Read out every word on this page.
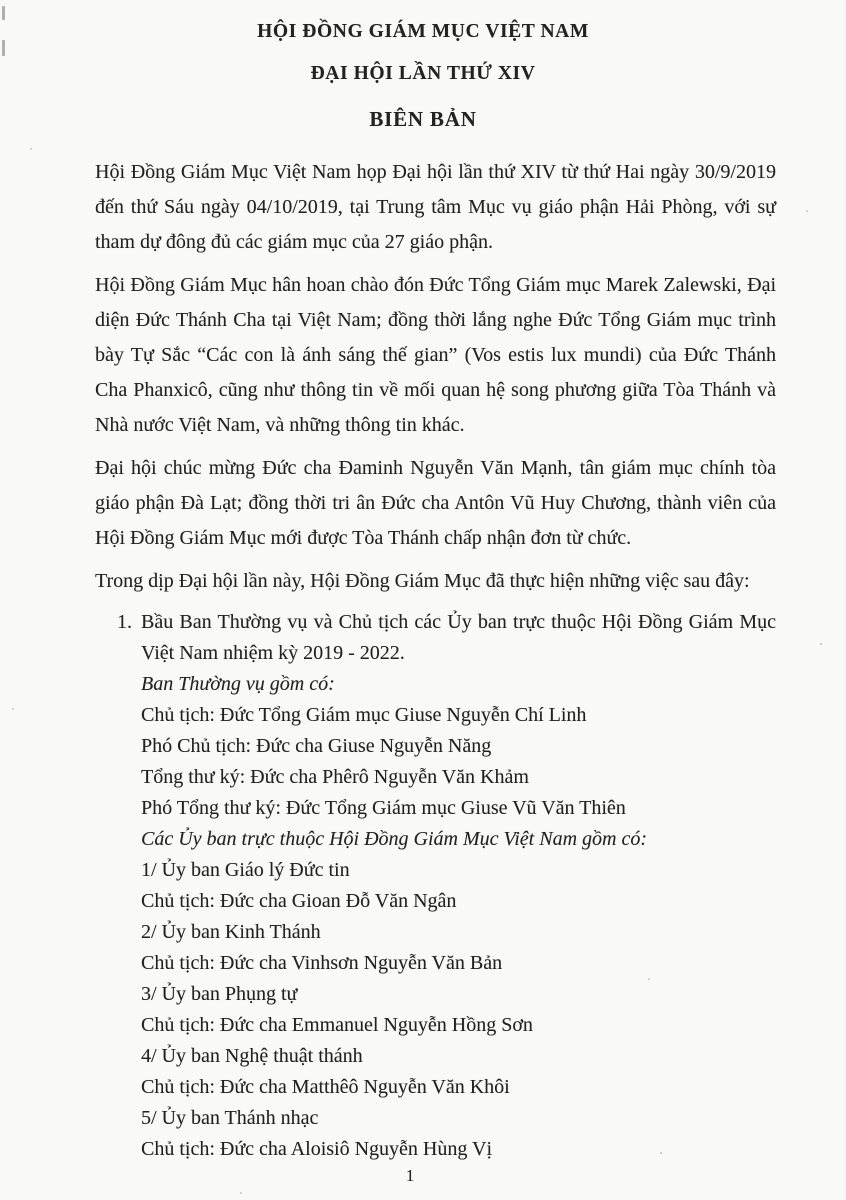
HỘI ĐỒNG GIÁM MỤC VIỆT NAM
ĐẠI HỘI LẦN THỨ XIV
BIÊN BẢN

Hội Đồng Giám Mục Việt Nam họp Đại hội lần thứ XIV từ thứ Hai ngày 30/9/2019 đến thứ Sáu ngày 04/10/2019, tại Trung tâm Mục vụ giáo phận Hải Phòng, với sự tham dự đông đủ các giám mục của 27 giáo phận.

Hội Đồng Giám Mục hân hoan chào đón Đức Tổng Giám mục Marek Zalewski, Đại diện Đức Thánh Cha tại Việt Nam; đồng thời lắng nghe Đức Tổng Giám mục trình bày Tự Sắc “Các con là ánh sáng thế gian” (Vos estis lux mundi) của Đức Thánh Cha Phanxicô, cũng như thông tin về mối quan hệ song phương giữa Tòa Thánh và Nhà nước Việt Nam, và những thông tin khác.

Đại hội chúc mừng Đức cha Đaminh Nguyễn Văn Mạnh, tân giám mục chính tòa giáo phận Đà Lạt; đồng thời tri ân Đức cha Antôn Vũ Huy Chương, thành viên của Hội Đồng Giám Mục mới được Tòa Thánh chấp nhận đơn từ chức.

Trong dịp Đại hội lần này, Hội Đồng Giám Mục đã thực hiện những việc sau đây:

1. Bầu Ban Thường vụ và Chủ tịch các Ủy ban trực thuộc Hội Đồng Giám Mục Việt Nam nhiệm kỳ 2019 - 2022.
Ban Thường vụ gồm có:
Chủ tịch: Đức Tổng Giám mục Giuse Nguyễn Chí Linh
Phó Chủ tịch: Đức cha Giuse Nguyễn Năng
Tổng thư ký: Đức cha Phêrô Nguyễn Văn Khảm
Phó Tổng thư ký: Đức Tổng Giám mục Giuse Vũ Văn Thiên
Các Ủy ban trực thuộc Hội Đồng Giám Mục Việt Nam gồm có:
1/ Ủy ban Giáo lý Đức tin
Chủ tịch: Đức cha Gioan Đỗ Văn Ngân
2/ Ủy ban Kinh Thánh
Chủ tịch: Đức cha Vinhsơn Nguyễn Văn Bản
3/ Ủy ban Phụng tự
Chủ tịch: Đức cha Emmanuel Nguyễn Hồng Sơn
4/ Ủy ban Nghệ thuật thánh
Chủ tịch: Đức cha Matthêô Nguyễn Văn Khôi
5/ Ủy ban Thánh nhạc
Chủ tịch: Đức cha Aloisiô Nguyễn Hùng Vị
1
